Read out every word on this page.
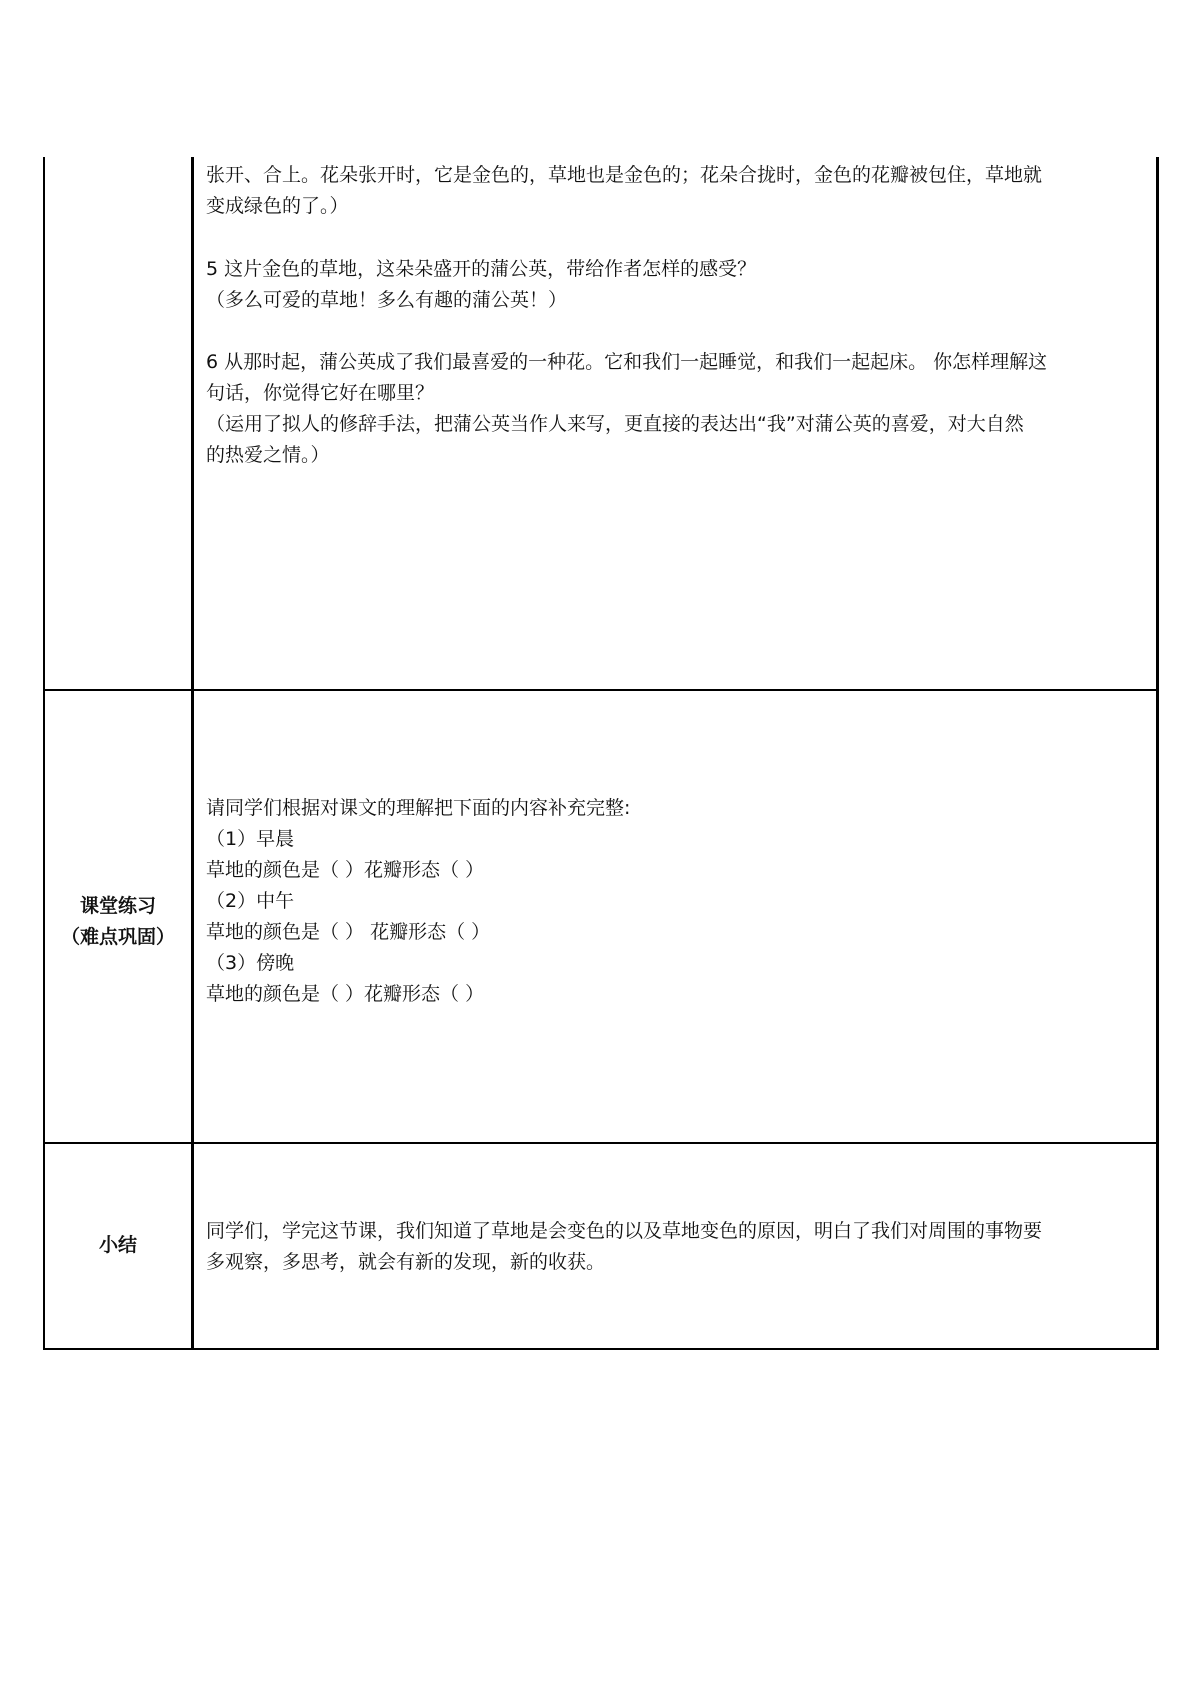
张开、合上。花朵张开时，它是金色的，草地也是金色的；花朵合拢时，金色的花瓣被包住，草地就
变成绿色的了。）
5 这片金色的草地，这朵朵盛开的蒲公英，带给作者怎样的感受？
（多么可爱的草地！多么有趣的蒲公英！）
6 从那时起，蒲公英成了我们最喜爱的一种花。它和我们一起睡觉，和我们一起起床。 你怎样理解这
句话，你觉得它好在哪里？
（运用了拟人的修辞手法，把蒲公英当作人来写，更直接的表达出“我”对蒲公英的喜爱，对大自然
的热爱之情。）
课堂练习
（难点巩固）
请同学们根据对课文的理解把下面的内容补充完整:
（1）早晨
草地的颜色是（ ）花瓣形态（ ）
（2）中午
草地的颜色是（ ） 花瓣形态（ ）
（3）傍晚
草地的颜色是（ ）花瓣形态（ ）
小结
同学们，学完这节课，我们知道了草地是会变色的以及草地变色的原因，明白了我们对周围的事物要
多观察，多思考，就会有新的发现，新的收获。
